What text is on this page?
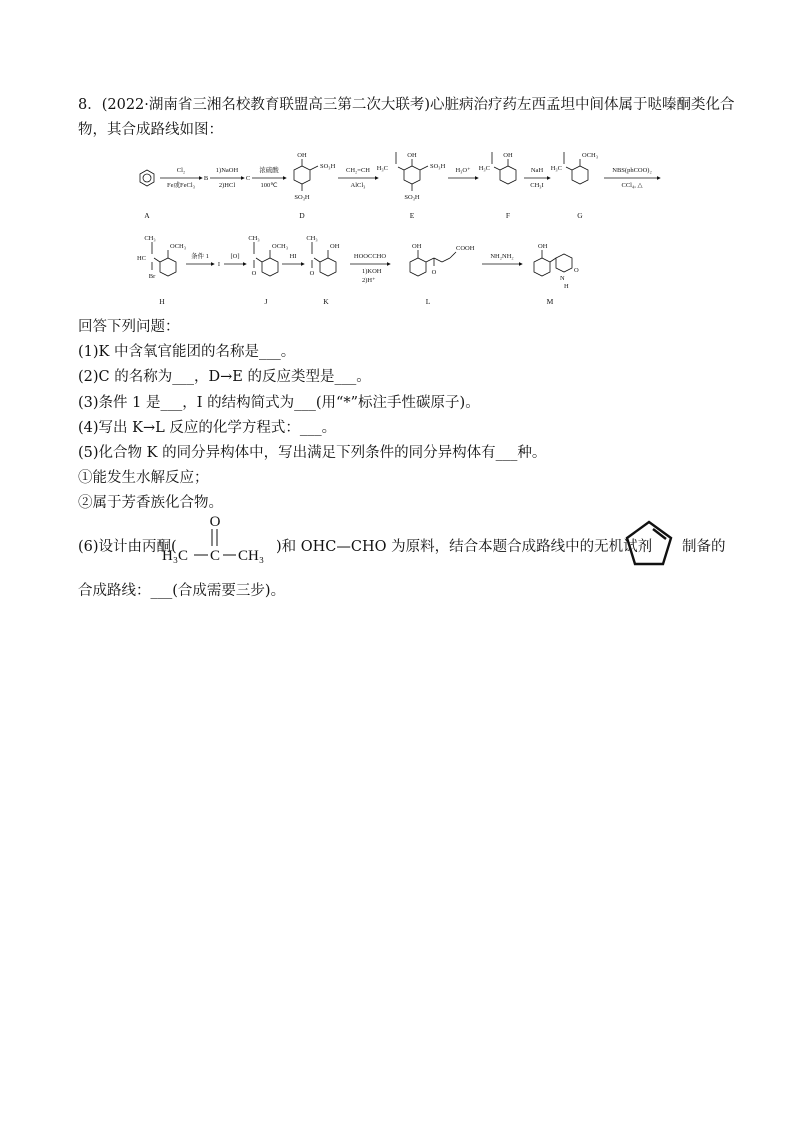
8．(2022·湖南省三湘名校教育联盟高三第二次大联考)心脏病治疗药左西孟坦中间体属于哒嗪酮类化合
物，其合成路线如图：
Cl₂
Fe或FeCl₃
B
1)NaOH
2)HCl
C
浓硫酸
100℃
CH₂=CH
AlCl₃
H₃O⁺	NaH
CH₃I
NBS(phCOO)₂
CCl₄, △
OH
SO₃H
SO₃H
OH
SO₃H
SO₃H
H₃C
OH
H₃C
OCH₃
H₃C
A	D	E	F	G
CH₃
HC
Br
OCH₃
条件 1
I
[O]
CH₃
O
OCH₃
HI
CH₃
O
OH
HOOCCHO
1)KOH
2)H⁺
OH
O
COOH
NH₂NH₂
OH
N
H
O
H	J	K	L	M
回答下列问题：
(1)K 中含氧官能团的名称是___。
(2)C 的名称为___，D→E 的反应类型是___。
(3)条件 1 是___，I 的结构简式为___(用“*”标注手性碳原子)。
(4)写出 K→L 反应的化学方程式：___。
(5)化合物 K 的同分异构体中，写出满足下列条件的同分异构体有___种。
①能发生水解反应；
②属于芳香族化合物。
(6)设计由丙酮(
O
H₃C C CH₃
)和 OHC—CHO 为原料，结合本题合成路线中的无机试剂 制备的
合成路线：___(合成需要三步)。
